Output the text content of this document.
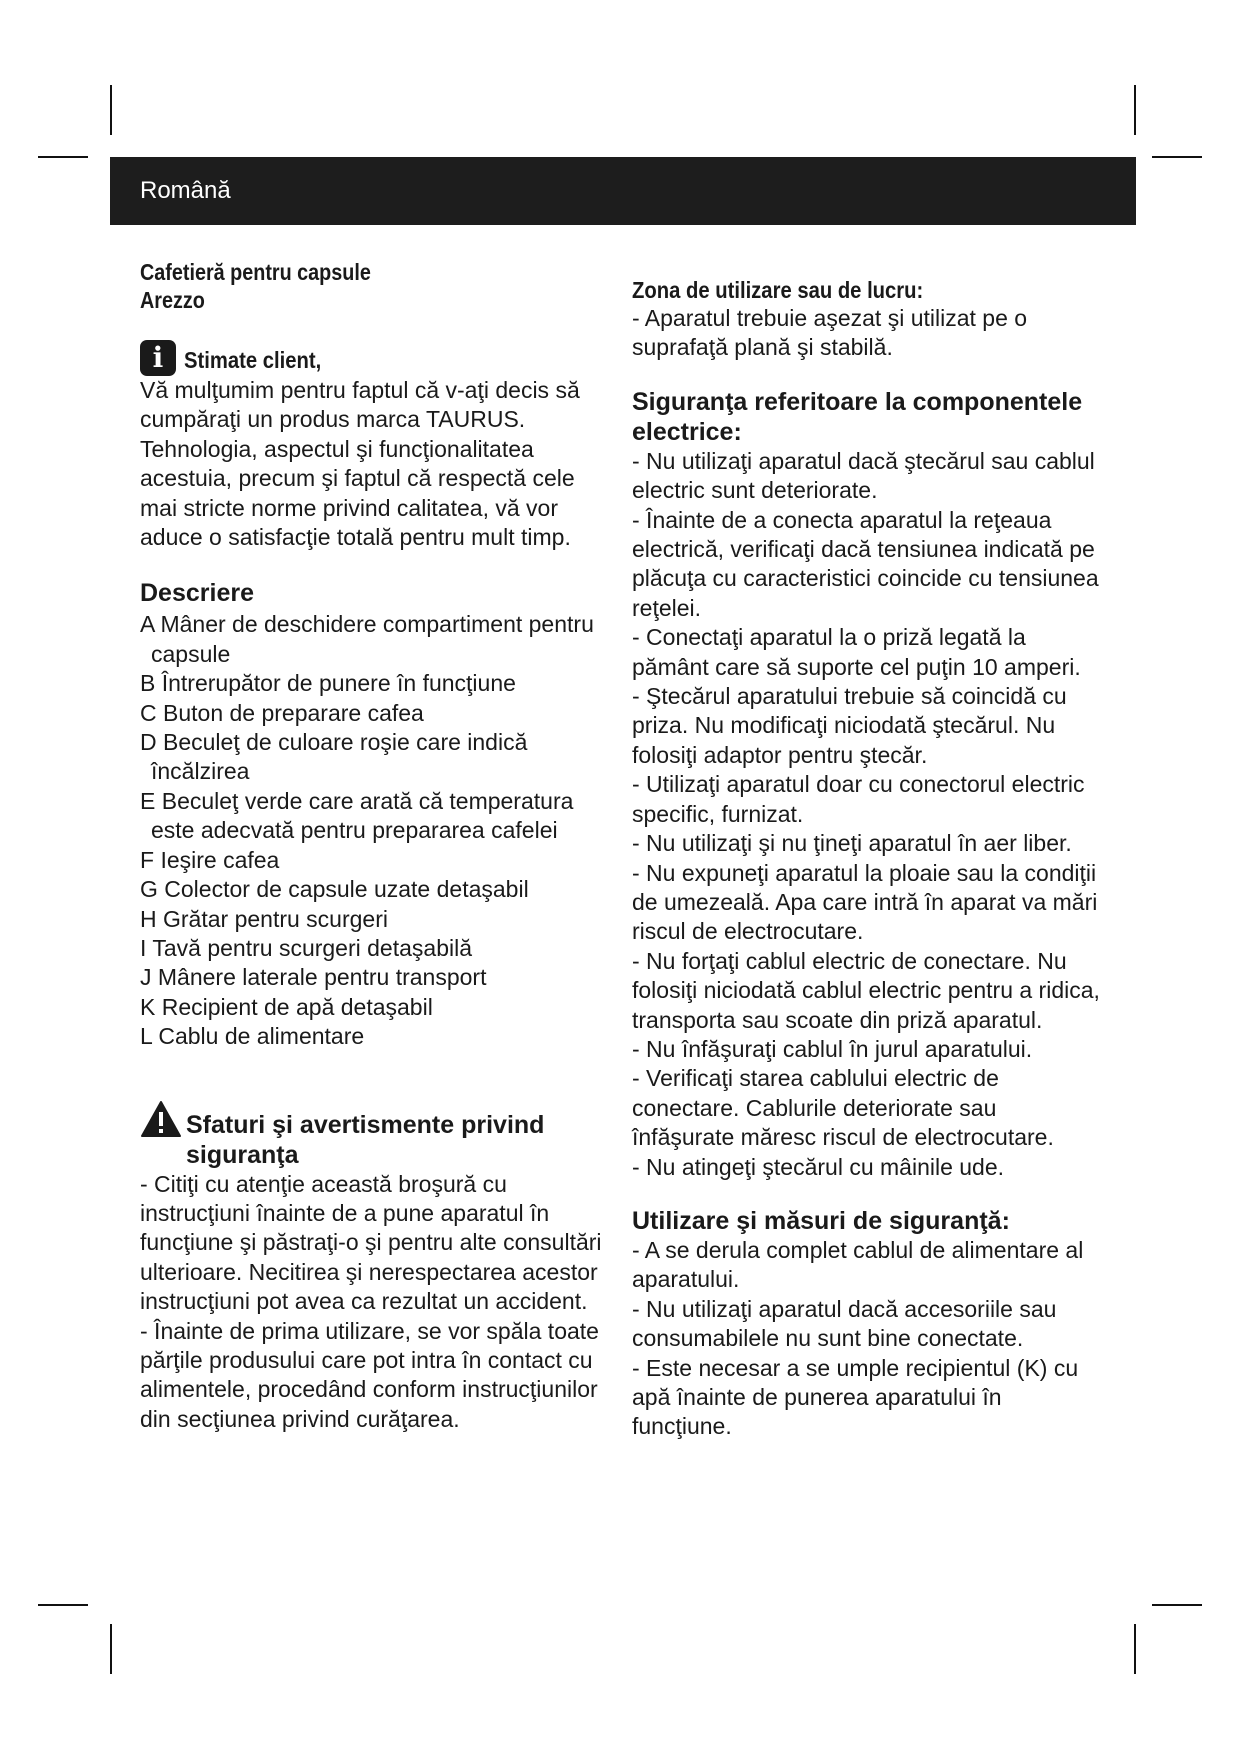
Română
Cafetieră pentru capsule
Arezzo
i Stimate client,

Vă mulţumim pentru faptul că v-aţi decis să cumpăraţi un produs marca TAURUS. Tehnologia, aspectul şi funcţionalitatea acestuia, precum şi faptul că respectă cele mai stricte norme privind calitatea, vă vor aduce o satisfacţie totală pentru mult timp.

Descriere
A Mâner de deschidere compartiment pentru capsule
B Întrerupător de punere în funcţiune
C Buton de preparare cafea
D Beculeţ de culoare roşie care indică încălzirea
E Beculeţ verde care arată că temperatura este adecvată pentru prepararea cafelei
F Ieşire cafea
G Colector de capsule uzate detaşabil
H Grătar pentru scurgeri
I Tavă pentru scurgeri detaşabilă
J Mânere laterale pentru transport
K Recipient de apă detaşabil
L Cablu de alimentare
Sfaturi şi avertismente privind siguranţa

- Citiţi cu atenţie această broşură cu instrucţiuni înainte de a pune aparatul în funcţiune şi păstraţi-o şi pentru alte consultări ulterioare. Necitirea şi nerespectarea acestor instrucţiuni pot avea ca rezultat un accident.

- Înainte de prima utilizare, se vor spăla toate părţile produsului care pot intra în contact cu alimentele, procedând conform instrucţiunilor din secţiunea privind curăţarea.

Zona de utilizare sau de lucru:

- Aparatul trebuie aşezat şi utilizat pe o suprafaţă plană şi stabilă.

Siguranţa referitoare la componentele electrice:

- Nu utilizaţi aparatul dacă ştecărul sau cablul electric sunt deteriorate.

- Înainte de a conecta aparatul la reţeaua electrică, verificaţi dacă tensiunea indicată pe plăcuţa cu caracteristici coincide cu tensiunea reţelei.

- Conectaţi aparatul la o priză legată la pământ care să suporte cel puţin 10 amperi.

- Ştecărul aparatului trebuie să coincidă cu priza. Nu modificaţi niciodată ştecărul. Nu folosiţi adaptor pentru ştecăr.

- Utilizaţi aparatul doar cu conectorul electric specific, furnizat.

- Nu utilizaţi şi nu ţineţi aparatul în aer liber.

- Nu expuneţi aparatul la ploaie sau la condiţii de umezeală. Apa care intră în aparat va mări riscul de electrocutare.

- Nu forţaţi cablul electric de conectare. Nu folosiţi niciodată cablul electric pentru a ridica, transporta sau scoate din priză aparatul.

- Nu înfăşuraţi cablul în jurul aparatului.

- Verificaţi starea cablului electric de conectare. Cablurile deteriorate sau înfăşurate măresc riscul de electrocutare.

- Nu atingeţi ştecărul cu mâinile ude.

Utilizare şi măsuri de siguranţă:

- A se derula complet cablul de alimentare al aparatului.

- Nu utilizaţi aparatul dacă accesoriile sau consumabilele nu sunt bine conectate.

- Este necesar a se umple recipientul (K) cu apă înainte de punerea aparatului în funcţiune.
